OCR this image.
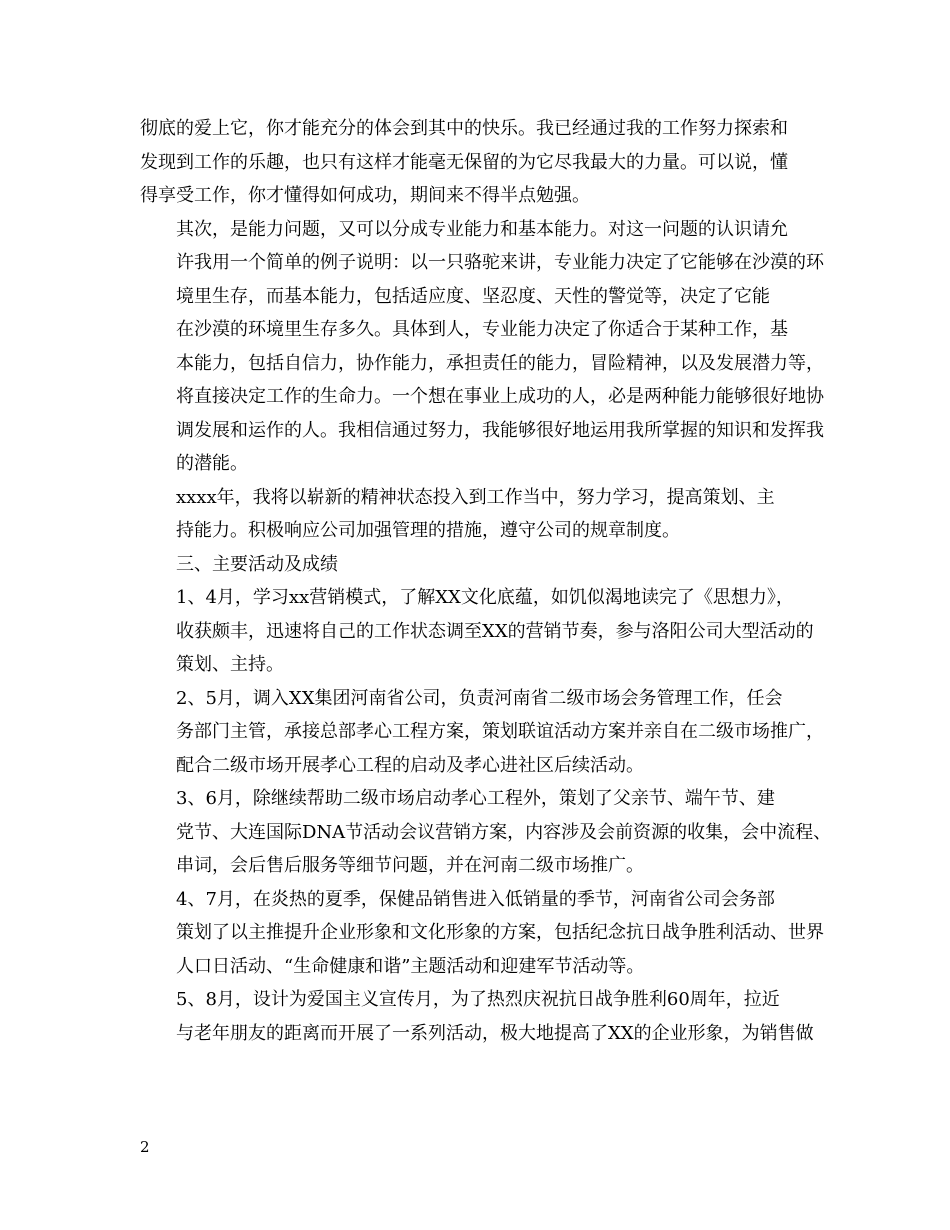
彻底的爱上它，你才能充分的体会到其中的快乐。我已经通过我的工作努力探索和
发现到工作的乐趣，也只有这样才能毫无保留的为它尽我最大的力量。可以说，懂
得享受工作，你才懂得如何成功，期间来不得半点勉强。

其次，是能力问题，又可以分成专业能力和基本能力。对这一问题的认识请允
许我用一个简单的例子说明：以一只骆驼来讲，专业能力决定了它能够在沙漠的环
境里生存，而基本能力，包括适应度、坚忍度、天性的警觉等，决定了它能

在沙漠的环境里生存多久。具体到人，专业能力决定了你适合于某种工作，基
本能力，包括自信力，协作能力，承担责任的能力，冒险精神，以及发展潜力等，
将直接决定工作的生命力。一个想在事业上成功的人，必是两种能力能够很好地协
调发展和运作的人。我相信通过努力，我能够很好地运用我所掌握的知识和发挥我
的潜能。

xxxx年，我将以崭新的精神状态投入到工作当中，努力学习，提高策划、主
持能力。积极响应公司加强管理的措施，遵守公司的规章制度。

三、主要活动及成绩

1、4月，学习xx营销模式，了解XX文化底蕴，如饥似渴地读完了《思想力》，
收获颇丰，迅速将自己的工作状态调至XX的营销节奏，参与洛阳公司大型活动的
策划、主持。

2、5月，调入XX集团河南省公司，负责河南省二级市场会务管理工作，任会
务部门主管，承接总部孝心工程方案，策划联谊活动方案并亲自在二级市场推广，
配合二级市场开展孝心工程的启动及孝心进社区后续活动。

3、6月，除继续帮助二级市场启动孝心工程外，策划了父亲节、端午节、建
党节、大连国际DNA节活动会议营销方案，内容涉及会前资源的收集，会中流程、
串词，会后售后服务等细节问题，并在河南二级市场推广。

4、7月，在炎热的夏季，保健品销售进入低销量的季节，河南省公司会务部
策划了以主推提升企业形象和文化形象的方案，包括纪念抗日战争胜利活动、世界
人口日活动、“生命健康和谐”主题活动和迎建军节活动等。

5、8月，设计为爱国主义宣传月，为了热烈庆祝抗日战争胜利60周年，拉近
与老年朋友的距离而开展了一系列活动，极大地提高了XX的企业形象，为销售做

2
